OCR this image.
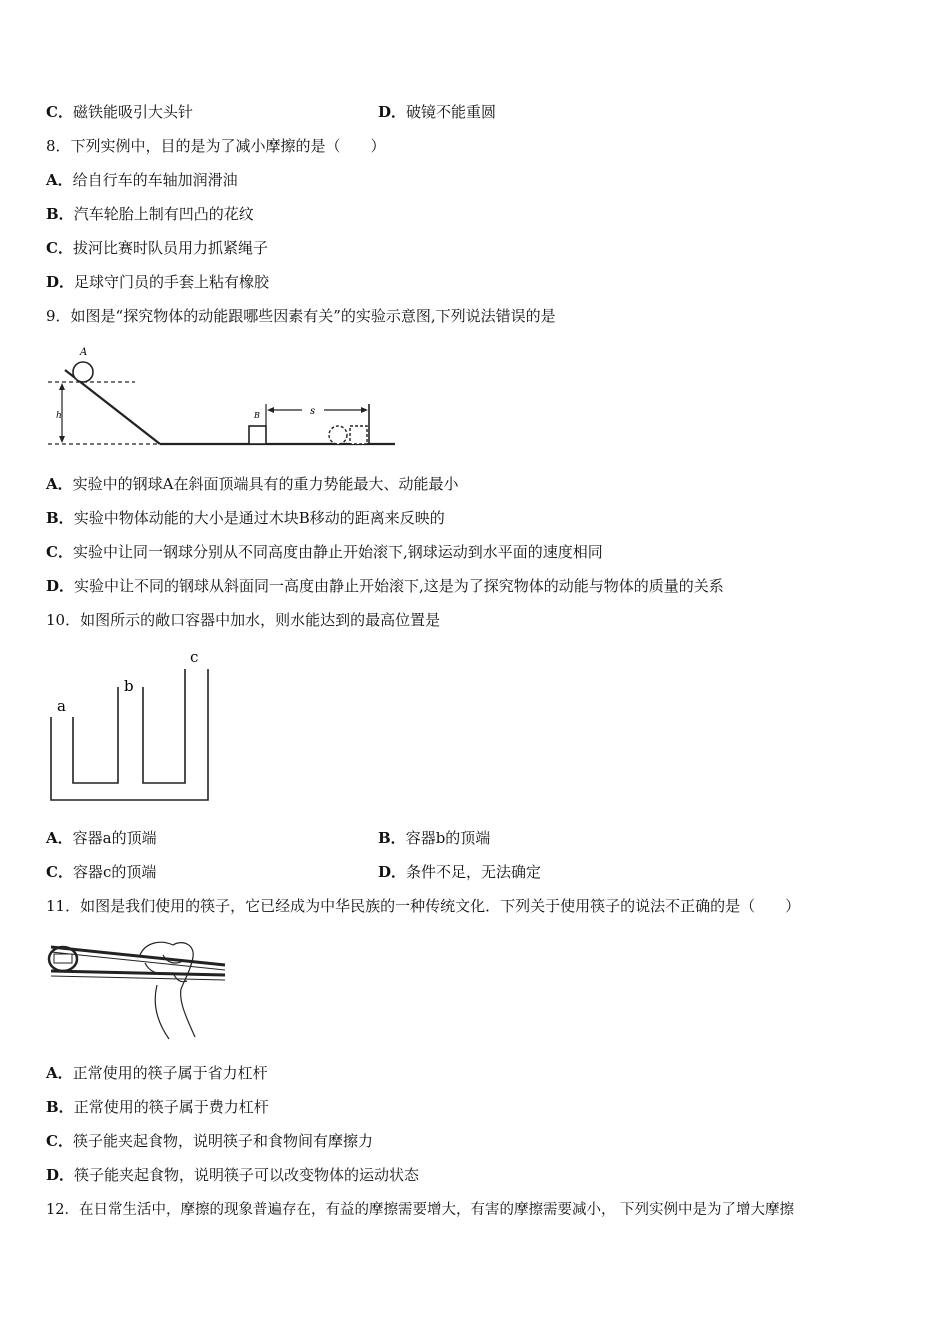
C．磁铁能吸引大头针	D．破镜不能重圆
8．下列实例中，目的是为了减小摩擦的是（　　）
A．给自行车的车轴加润滑油
B．汽车轮胎上制有凹凸的花纹
C．拔河比赛时队员用力抓紧绳子
D．足球守门员的手套上粘有橡胶
9．如图是“探究物体的动能跟哪些因素有关”的实验示意图,下列说法错误的是
h
A
B	s
A．实验中的钢球A在斜面顶端具有的重力势能最大、动能最小
B．实验中物体动能的大小是通过木块B移动的距离来反映的
C．实验中让同一钢球分别从不同高度由静止开始滚下,钢球运动到水平面的速度相同
D．实验中让不同的钢球从斜面同一高度由静止开始滚下,这是为了探究物体的动能与物体的质量的关系
10．如图所示的敞口容器中加水，则水能达到的最高位置是
a
b
c
A．容器a的顶端	B．容器b的顶端
C．容器c的顶端	D．条件不足，无法确定
11．如图是我们使用的筷子，它已经成为中华民族的一种传统文化．下列关于使用筷子的说法不正确的是（　　）
A．正常使用的筷子属于省力杠杆
B．正常使用的筷子属于费力杠杆
C．筷子能夹起食物，说明筷子和食物间有摩擦力
D．筷子能夹起食物，说明筷子可以改变物体的运动状态
12．在日常生活中，摩擦的现象普遍存在，有益的摩擦需要增大，有害的摩擦需要减小， 下列实例中是为了增大摩擦
